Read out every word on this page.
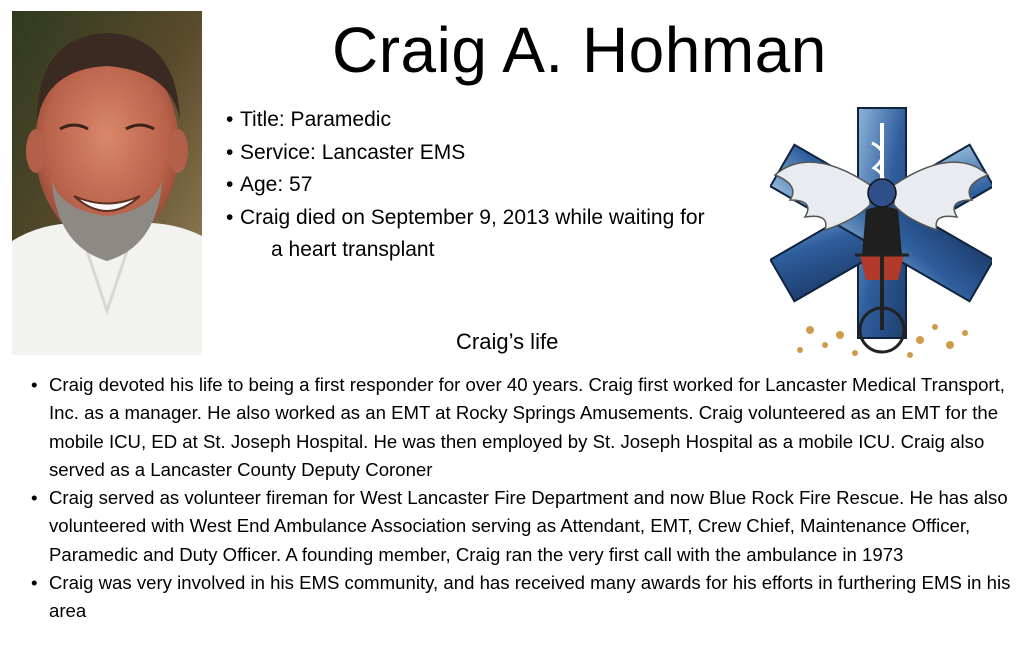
Craig A. Hohman
• Title: Paramedic
• Service: Lancaster EMS
• Age: 57
• Craig died on September 9, 2013 while waiting for
a heart transplant
Craig’s life
• Craig devoted his life to being a first responder for over 40 years. Craig first worked for Lancaster Medical Transport, Inc. as a manager. He also worked as an EMT at Rocky Springs Amusements. Craig volunteered as an EMT for the mobile ICU, ED at St. Joseph Hospital. He was then employed by St. Joseph Hospital as a mobile ICU. Craig also served as a Lancaster County Deputy Coroner
• Craig served as volunteer fireman for West Lancaster Fire Department and now Blue Rock Fire Rescue. He has also volunteered with West End Ambulance Association serving as Attendant, EMT, Crew Chief, Maintenance Officer, Paramedic and Duty Officer. A founding member, Craig ran the very first call with the ambulance in 1973
• Craig was very involved in his EMS community, and has received many awards for his efforts in furthering EMS in his area
